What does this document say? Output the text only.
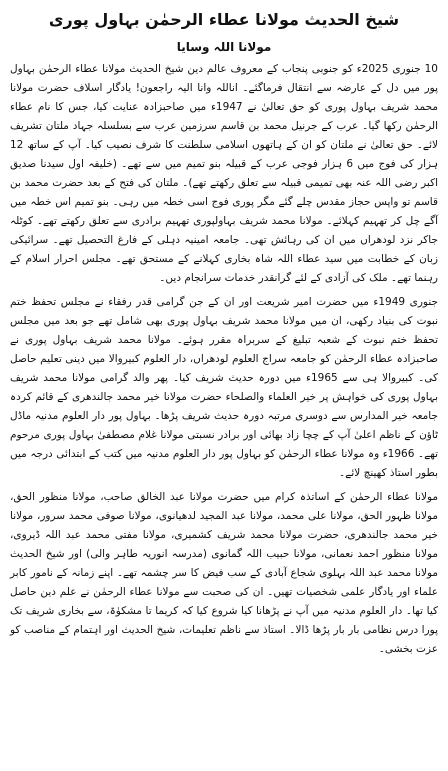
شیخ الحدیث مولانا عطاء الرحمٰن بہاول پوری
مولانا اللہ وسایا

10 جنوری 2025ء کو جنوبی پنجاب کے معروف عالم دین شیخ الحدیث مولانا عطاء الرحمٰن بہاول پور میں دل کے عارضہ سے انتقال فرماگئے۔ اناللہ وانا الیہ راجعون! یادگار اسلاف حضرت مولانا محمد شریف بہاول پوری کو حق تعالیٰ نے 1947ء میں صاحبزادہ عنایت کیا، جس کا نام عطاء الرحمٰن رکھا گیا۔ عرب کے جرنیل محمد بن قاسم سرزمین عرب سے بسلسلہ جہاد ملتان تشریف لائے۔ حق تعالیٰ نے ملتان کو ان کے ہاتھوں اسلامی سلطنت کا شرف نصیب کیا۔ آپ کے ساتھ 12 ہزار کی فوج میں 6 ہزار فوجی عرب کے قبیلہ بنو تمیم میں سے تھے۔ (خلیفہ اول سیدنا صدیق اکبر رضی اللہ عنہ بھی تمیمی قبیلہ سے تعلق رکھتے تھے)۔ ملتان کی فتح کے بعد حضرت محمد بن قاسم تو واپس حجاز مقدس چلے گئے مگر پوری فوج اسی خطہ میں رہی۔ بنو تمیم اس خطہ میں آگے چل کر تھہیم کہلائے۔ مولانا محمد شریف بہاولپوری تھہیم برادری سے تعلق رکھتے تھے۔ کوٹلہ جاکر نزد لودھراں میں ان کی رہائش تھی۔ جامعہ امینیہ دہلی کے فارغ التحصیل تھے۔ سرائیکی زبان کے خطابت میں سید عطاء اللہ شاہ بخاری کہلانے کے مستحق تھے۔ مجلس احرار اسلام کے رہنما تھے۔ ملک کی آزادی کے لئے گرانقدر خدمات سرانجام دیں۔

جنوری 1949ء میں حضرت امیر شریعت اور ان کے جن گرامی قدر رفقاء نے مجلس تحفظ ختم نبوت کی بنیاد رکھی، ان میں مولانا محمد شریف بہاول پوری بھی شامل تھے جو بعد میں مجلس تحفظ ختم نبوت کے شعبہ تبلیغ کے سربراہ مقرر ہوئے۔ مولانا محمد شریف بہاول پوری نے صاحبزادہ عطاء الرحمٰن کو جامعہ سراج العلوم لودھراں، دار العلوم کبیروالا میں دینی تعلیم حاصل کی۔ کبیروالا ہی سے 1965ء میں دورہ حدیث شریف کیا۔ پھر والد گرامی مولانا محمد شریف بہاول پوری کی خواہش پر خیر العلماء والصلحاء حضرت مولانا خیر محمد جالندھری کے قائم کردہ جامعہ خیر المدارس سے دوسری مرتبہ دورہ حدیث شریف پڑھا۔ بہاول پور دار العلوم مدنیہ ماڈل ٹاؤن کے ناظم اعلیٰ آپ کے چچا زاد بھائی اور برادر نسبتی مولانا غلام مصطفیٰ بہاول پوری مرحوم تھے۔ 1966ء وہ مولانا عطاء الرحمٰن کو بہاول پور دار العلوم مدنیہ میں کتب کے ابتدائی درجہ میں بطور استاذ کھینچ لائے۔

مولانا عطاء الرحمٰن کے اساتذہ کرام میں حضرت مولانا عبد الخالق صاحب، مولانا منظور الحق، مولانا ظہور الحق، مولانا علی محمد، مولانا عبد المجید لدھیانوی، مولانا صوفی محمد سرور، مولانا خیر محمد جالندھری، حضرت مولانا محمد شریف کشمیری، مولانا مفتی محمد عبد اللہ ڈیروی، مولانا منظور احمد نعمانی، مولانا حبیب اللہ گمانوی (مدرسہ انوریہ طاہر والی) اور شیخ الحدیث مولانا محمد عبد اللہ بہلوی شجاع آبادی کے سب فیض کا سر چشمہ تھے۔ اپنے زمانہ کے نامور کابر علماء اور یادگار علمی شخصیات تھیں۔ ان کی صحبت سے مولانا عطاء الرحمٰن نے علم دین حاصل کیا تھا۔ دار العلوم مدنیہ میں آپ نے پڑھانا کیا شروع کیا کہ کریما تا مشکوٰۃ، سے بخاری شریف تک پورا درس نظامی بار بار پڑھا ڈالا۔ استاذ سے ناظم تعلیمات، شیخ الحدیث اور اہتمام کے مناصب کو عزت بخشی۔
